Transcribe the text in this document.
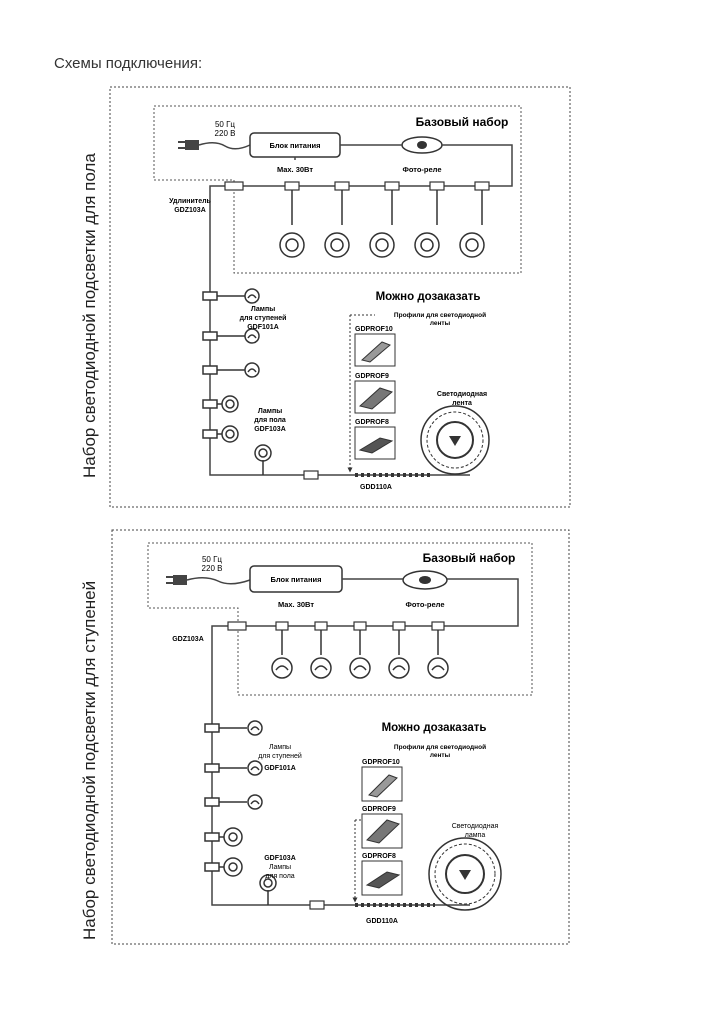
Схемы подключения:
Набор светодиодной подсветки для пола
Набор светодиодной подсветки для ступеней
50 Гц
220 В
Блок питания
Max. 30Вт
Базовый набор
Фото-реле
Удлинитель
GDZ103A
Можно дозаказать
Профили для светодиодной
ленты
GDPROF10
GDPROF9
GDPROF8
Лампы
для ступеней
GDF101A
Лампы
для пола
GDF103A
GDD110A
Светодиодная
лента
50 Гц
220 В
Блок питания
Max. 30Вт
Базовый набор
Фото-реле
GDZ103A
Можно дозаказать
Профили для светодиодной
ленты
GDPROF10
GDPROF9
GDPROF8
Лампы
для ступеней
GDF101A
GDF103A
Лампы
для пола
GDD110A
Светодиодная
лампа
